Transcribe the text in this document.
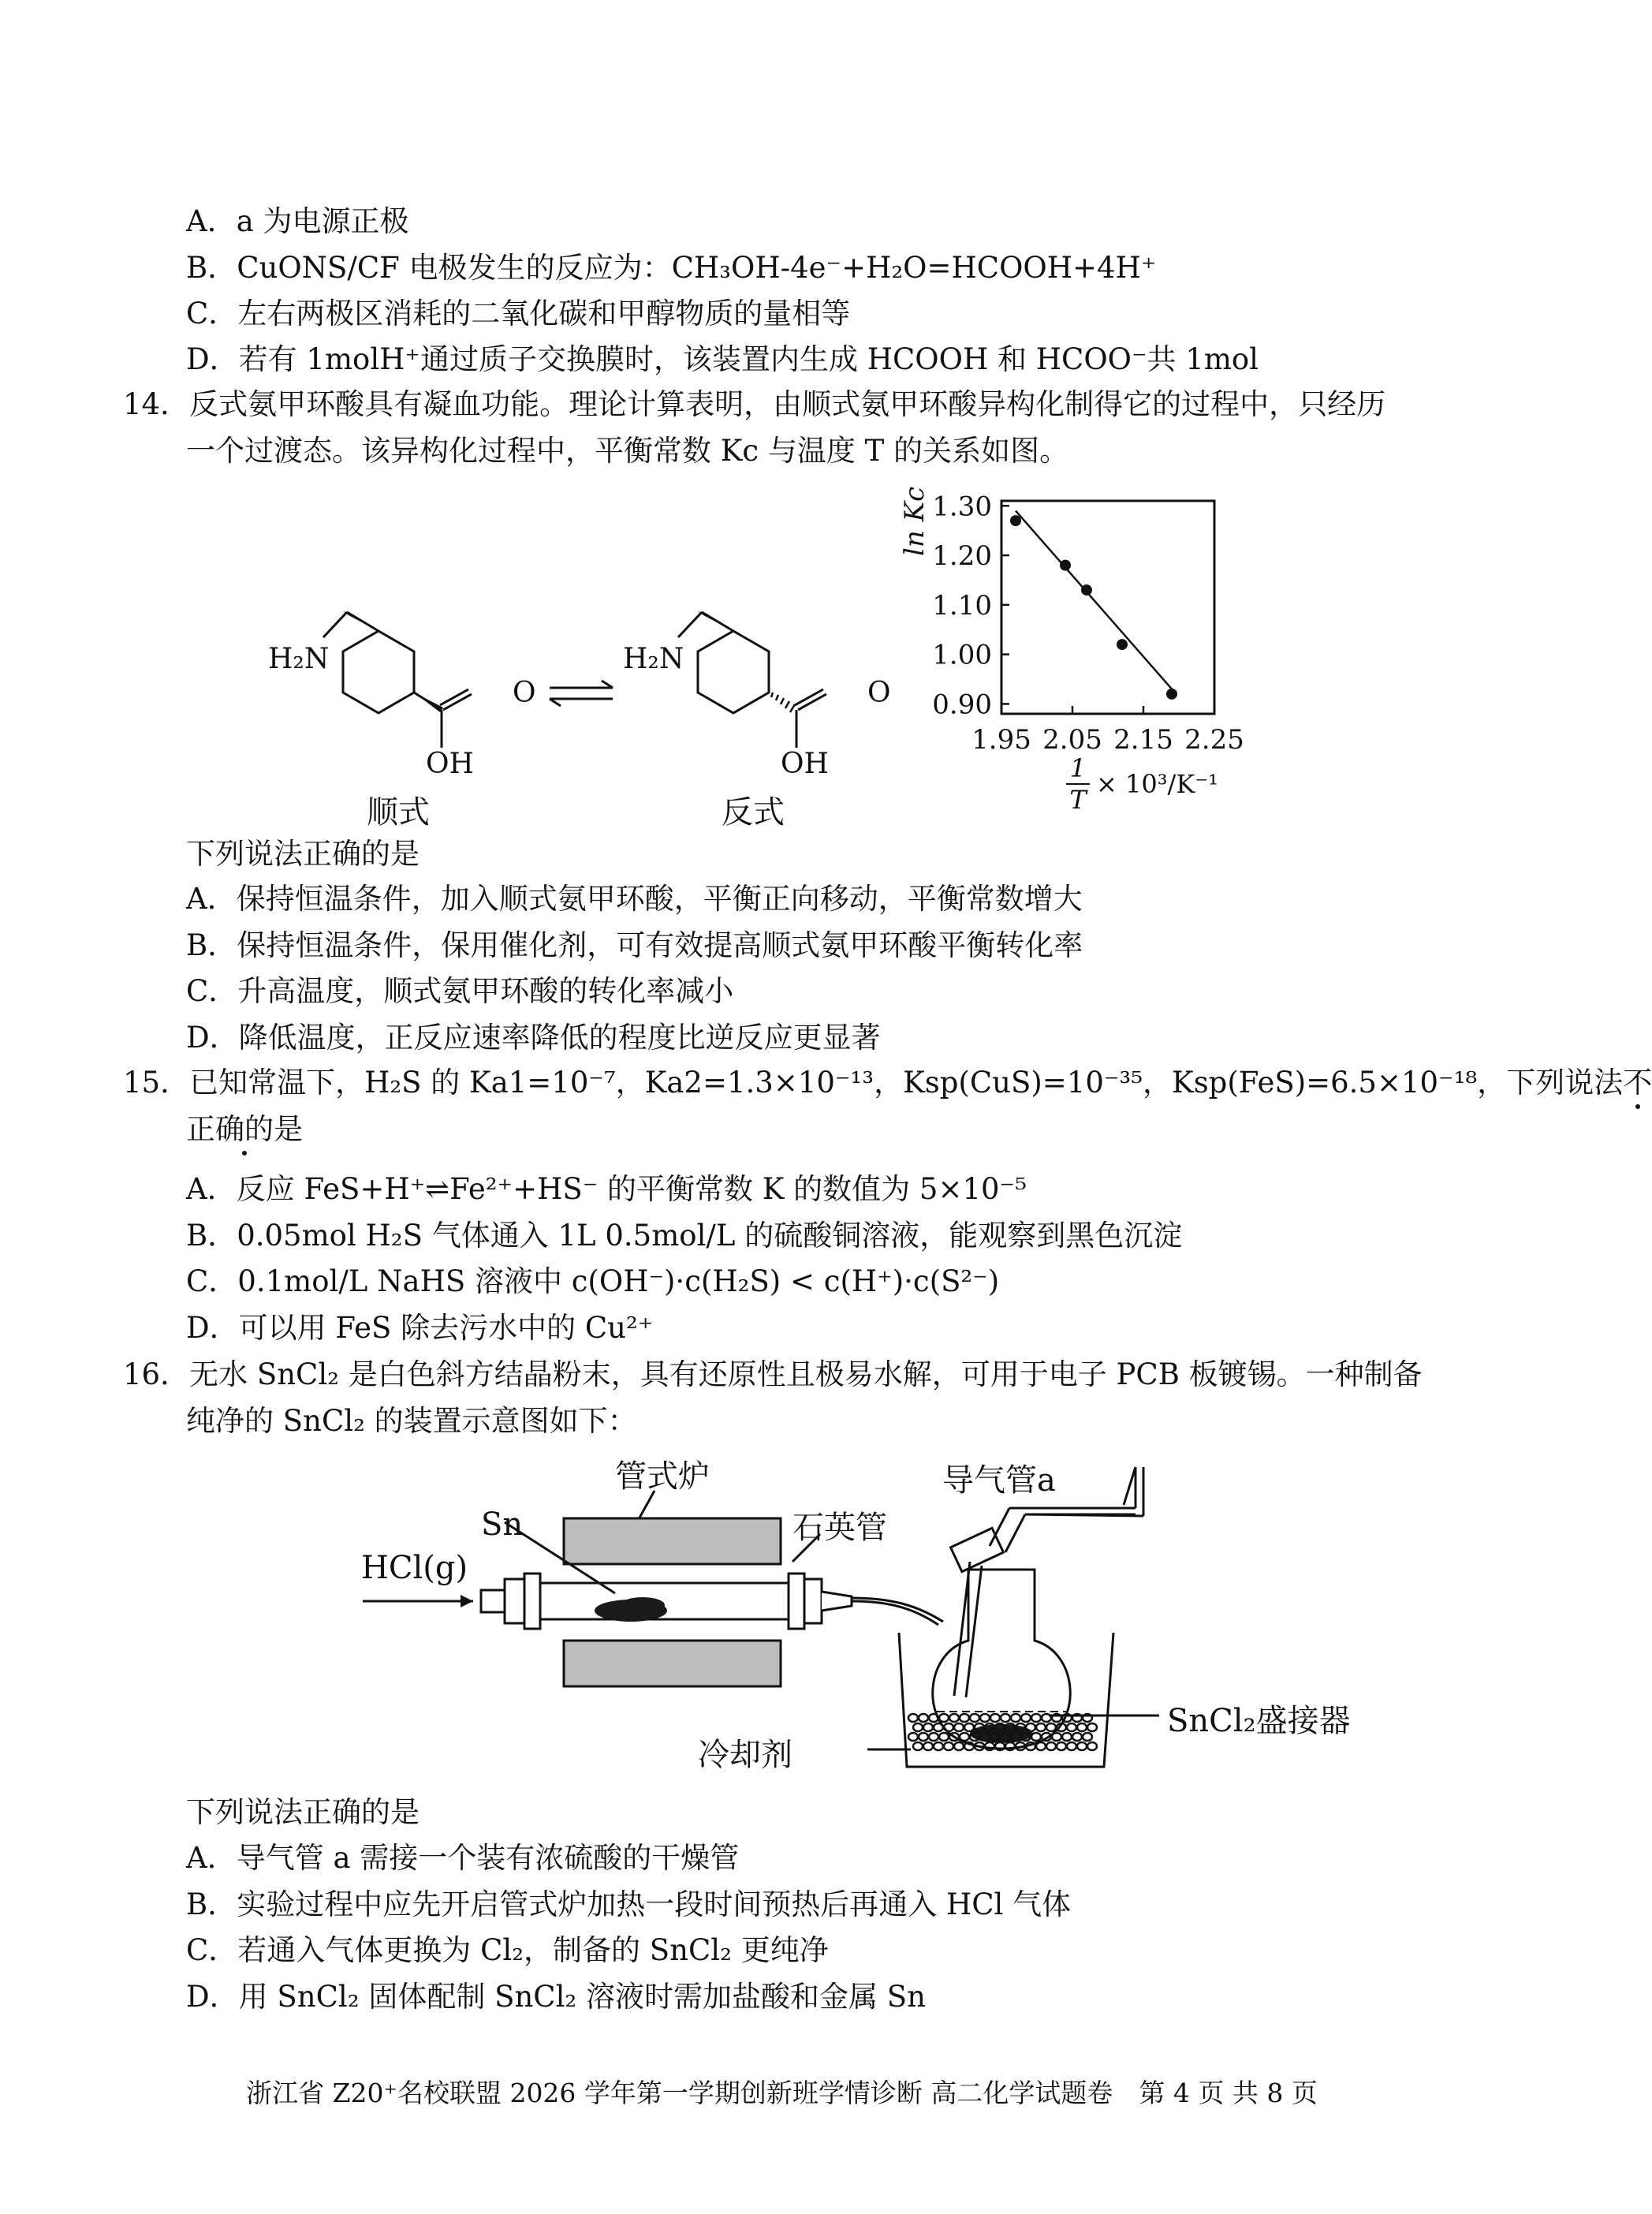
A．a 为电源正极
B．CuONS/CF 电极发生的反应为：CH₃OH-4e⁻+H₂O=HCOOH+4H⁺
C．左右两极区消耗的二氧化碳和甲醇物质的量相等
D．若有 1molH⁺通过质子交换膜时，该装置内生成 HCOOH 和 HCOO⁻共 1mol
14．反式氨甲环酸具有凝血功能。理论计算表明，由顺式氨甲环酸异构化制得它的过程中，只经历
一个过渡态。该异构化过程中，平衡常数 Kc 与温度 T 的关系如图。
H₂N
O
OH
顺式
H₂N
O
OH
反式
1.95 2.05 2.15 2.25
1.30
1.20
1.10
1.00
0.90
ln Kc
1
T
× 10³/K⁻¹
下列说法正确的是
A．保持恒温条件，加入顺式氨甲环酸，平衡正向移动，平衡常数增大
B．保持恒温条件，保用催化剂，可有效提高顺式氨甲环酸平衡转化率
C．升高温度，顺式氨甲环酸的转化率减小
D．降低温度，正反应速率降低的程度比逆反应更显著
15．已知常温下，H₂S 的 Ka1=10⁻⁷，Ka2=1.3×10⁻¹³，Ksp(CuS)=10⁻³⁵，Ksp(FeS)=6.5×10⁻¹⁸，下列说法不
正确的是
A．反应 FeS+H⁺⇌Fe²⁺+HS⁻ 的平衡常数 K 的数值为 5×10⁻⁵
B．0.05mol H₂S 气体通入 1L 0.5mol/L 的硫酸铜溶液，能观察到黑色沉淀
C．0.1mol/L NaHS 溶液中 c(OH⁻)·c(H₂S) < c(H⁺)·c(S²⁻)
D．可以用 FeS 除去污水中的 Cu²⁺
16．无水 SnCl₂ 是白色斜方结晶粉末，具有还原性且极易水解，可用于电子 PCB 板镀锡。一种制备
纯净的 SnCl₂ 的装置示意图如下：
管式炉	导气管a
石英管
Sn
HCl(g)
SnCl₂盛接器
冷却剂
下列说法正确的是
A．导气管 a 需接一个装有浓硫酸的干燥管
B．实验过程中应先开启管式炉加热一段时间预热后再通入 HCl 气体
C．若通入气体更换为 Cl₂，制备的 SnCl₂ 更纯净
D．用 SnCl₂ 固体配制 SnCl₂ 溶液时需加盐酸和金属 Sn
浙江省 Z20⁺名校联盟 2026 学年第一学期创新班学情诊断 高二化学试题卷　第 4 页 共 8 页
